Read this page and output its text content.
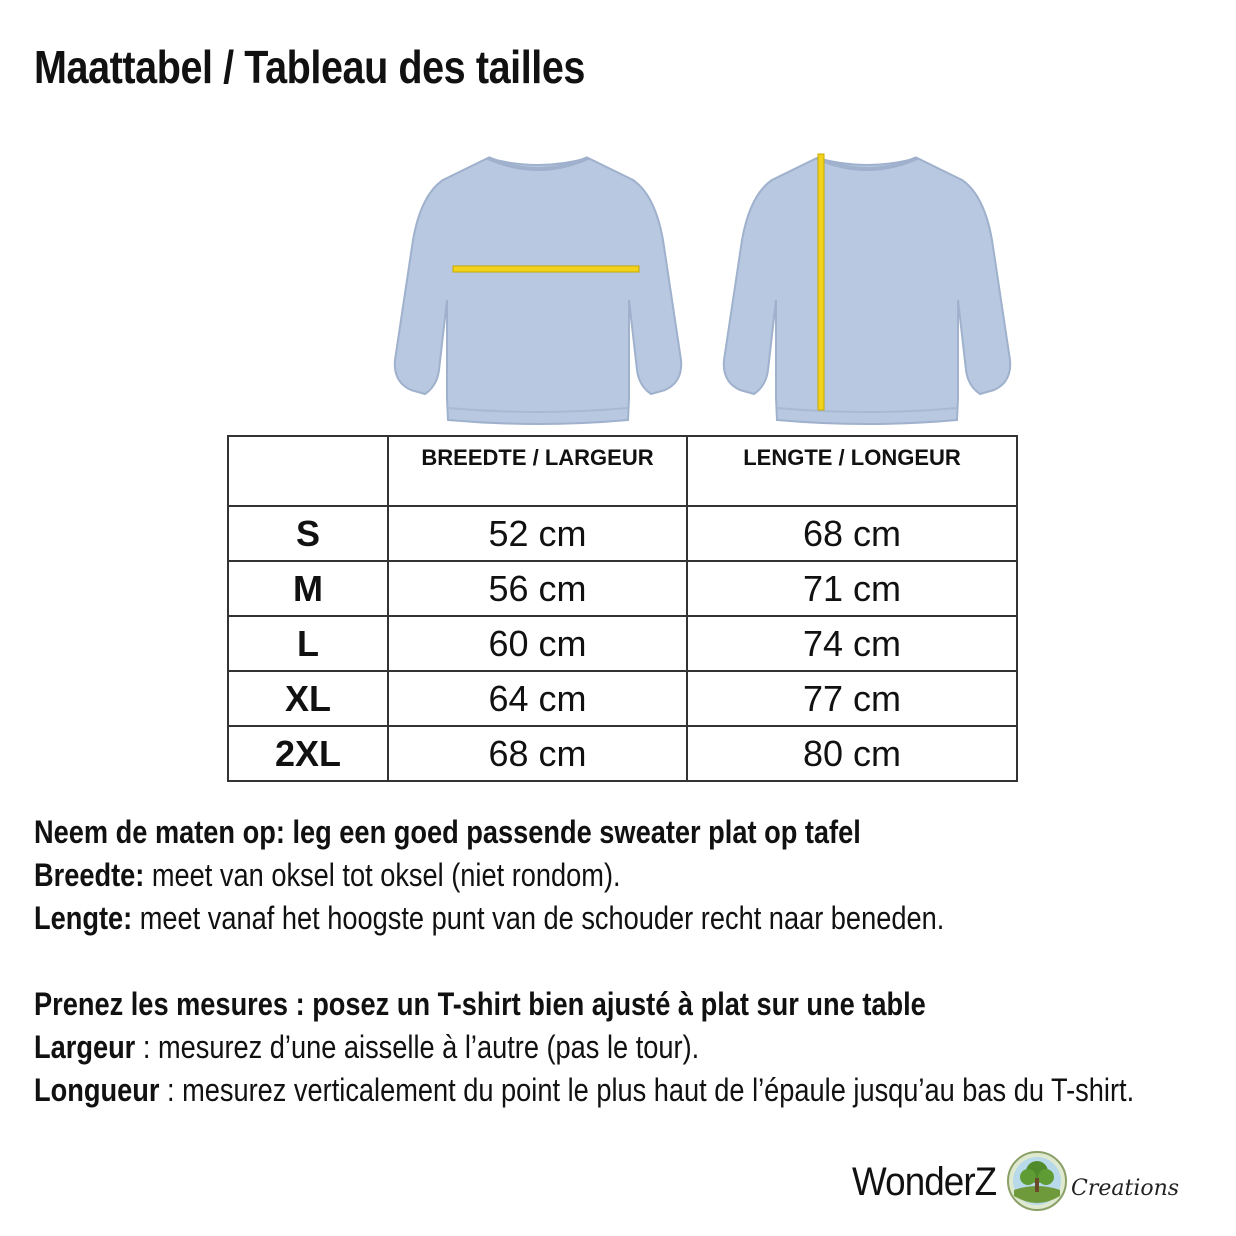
Maattabel / Tableau des tailles
	BREEDTE / LARGEUR	LENGTE / LONGEUR
S	52 cm	68 cm
M	56 cm	71 cm
L	60 cm	74 cm
XL	64 cm	77 cm
2XL	68 cm	80 cm

Neem de maten op: leg een goed passende sweater plat op tafel

Breedte: meet van oksel tot oksel (niet rondom).

Lengte: meet vanaf het hoogste punt van de schouder recht naar beneden.

Prenez les mesures : posez un T-shirt bien ajusté à plat sur une table

Largeur : mesurez d’une aisselle à l’autre (pas le tour).

Longueur : mesurez verticalement du point le plus haut de l’épaule jusqu’au bas du T-shirt.

WonderZ	Creations
